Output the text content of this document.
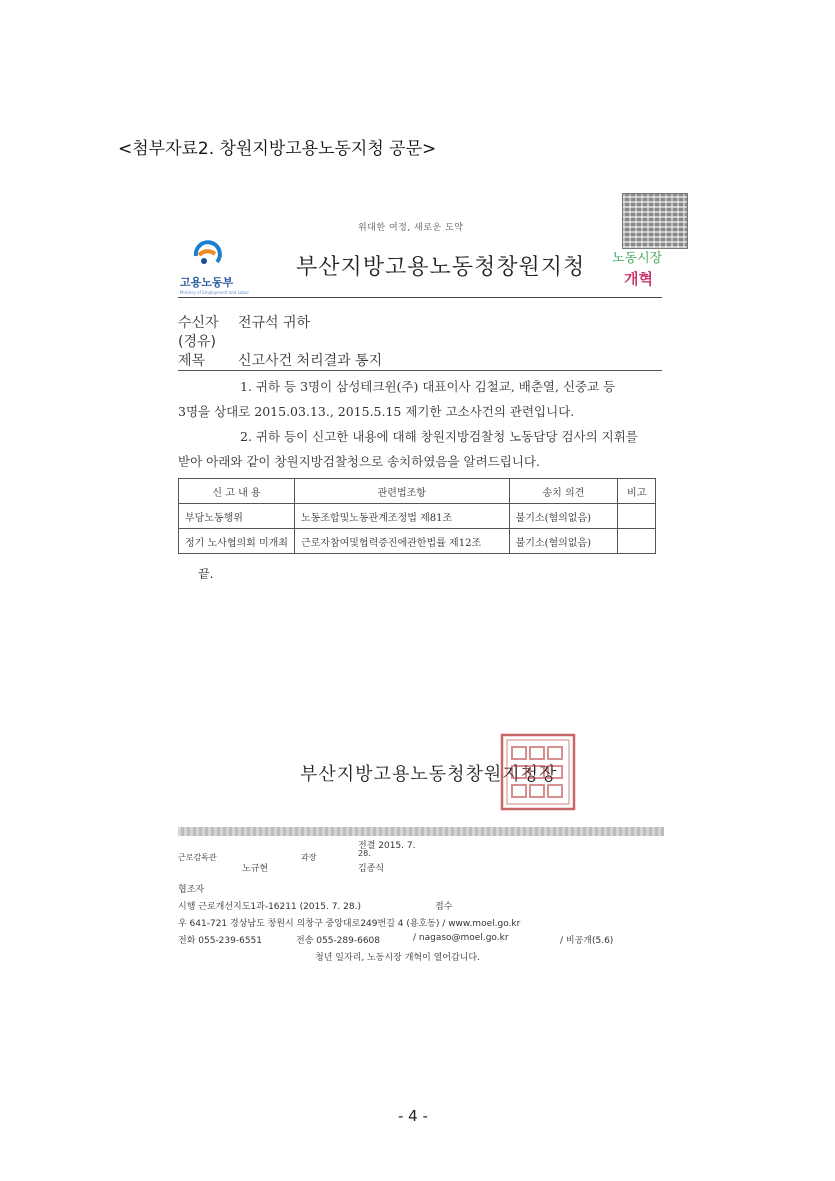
<첨부자료2. 창원지방고용노동지청 공문>
위대한 여정, 새로운 도약
고용노동부
Ministry of Employment and Labor
부산지방고용노동청창원지청 노동시장
개혁
수신자 전규석 귀하
(경유)
제목 신고사건 처리결과 통지
1. 귀하 등 3명이 삼성테크윈(주) 대표이사 김철교, 배춘열, 신중교 등
3명을 상대로 2015.03.13., 2015.5.15 제기한 고소사건의 관련입니다.
2. 귀하 등이 신고한 내용에 대해 창원지방검찰청 노동담당 검사의 지휘를
받아 아래와 같이 창원지방검찰청으로 송치하였음을 알려드립니다.
신 고 내 용	관련법조항	송치 의견	비고
부당노동행위	노동조합및노동관계조정법 제81조	불기소(혐의없음)	
정기 노사협의회 미개최	근로자참여및협력증진에관한법률 제12조	불기소(혐의없음)	
끝.
부산지방고용노동청창원지청장
근로감독관
노규현
과장
전결 2015. 7.
28.
김종식
협조자
시행 근로개선지도1과-16211 (2015. 7. 28.)	접수
우 641-721 경상남도 창원시 의창구 중앙대로249번길 4 (용호동) / www.moel.go.kr
전화 055-239-6551	전송 055-289-6608	/ nagaso@moel.go.kr	/ 비공개(5.6)
청년 일자리, 노동시장 개혁이 열어갑니다.
- 4 -
